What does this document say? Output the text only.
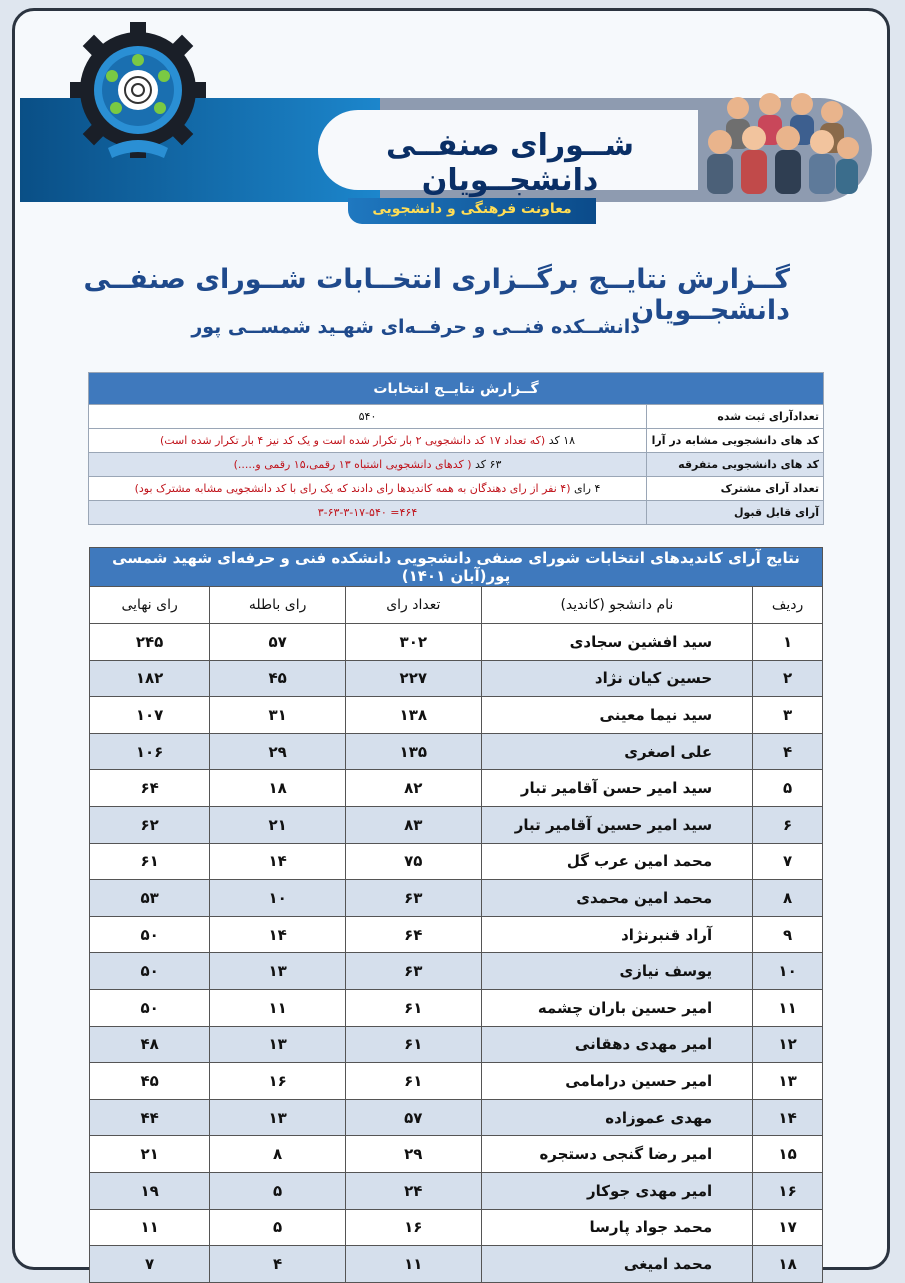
شــورای صنفــی دانشجــویان
معاونت فرهنگی و دانشجویی
گــزارش نتایــج برگــزاری انتخــابات شــورای صنفــی دانشجــویان
دانشــکده فنــی و حرفــه‌ای شهـید شمســی پور
گــزارش نتایــج انتخابات	
تعدادآرای ثبت شده	۵۴۰
کد های دانشجویی مشابه در آرا	۱۸ کد (که تعداد ۱۷ کد دانشجویی ۲ بار تکرار شده است و یک کد نیز ۴ بار تکرار شده است)
کد های دانشجویی متفرقه	۶۳ کد ( کدهای دانشجویی اشتباه ۱۳ رقمی،۱۵ رقمی و.....)
تعداد آرای مشترک	۴ رای (۴ نفر از رای دهندگان به همه کاندیدها رای دادند که یک رای با کد دانشجویی مشابه مشترک بود)
آرای قابل قبول	۴۶۴= ۳-۶۳-۳-۱۷-۵۴۰
نتایج آرای کاندیدهای انتخابات شورای صنفی دانشجویی دانشکده فنی و حرفه‌ای شهید شمسی پور(آبان ۱۴۰۱)				
ردیف	نام دانشجو (کاندید)	تعداد رای	رای باطله	رای نهایی
۱	سید افشین سجادی	۳۰۲	۵۷	۲۴۵
۲	حسین کیان نژاد	۲۲۷	۴۵	۱۸۲
۳	سید نیما معینی	۱۳۸	۳۱	۱۰۷
۴	علی اصغری	۱۳۵	۲۹	۱۰۶
۵	سید امیر حسن آقامیر تبار	۸۲	۱۸	۶۴
۶	سید امیر حسین آقامیر تبار	۸۳	۲۱	۶۲
۷	محمد امین عرب گل	۷۵	۱۴	۶۱
۸	محمد امین محمدی	۶۳	۱۰	۵۳
۹	آراد قنبرنژاد	۶۴	۱۴	۵۰
۱۰	یوسف نیازی	۶۳	۱۳	۵۰
۱۱	امیر حسین باران چشمه	۶۱	۱۱	۵۰
۱۲	امیر مهدی دهقانی	۶۱	۱۳	۴۸
۱۳	امیر حسین درامامی	۶۱	۱۶	۴۵
۱۴	مهدی عموزاده	۵۷	۱۳	۴۴
۱۵	امیر رضا گنجی دستجره	۲۹	۸	۲۱
۱۶	امیر مهدی جوکار	۲۴	۵	۱۹
۱۷	محمد جواد پارسا	۱۶	۵	۱۱
۱۸	محمد امیغی	۱۱	۴	۷
